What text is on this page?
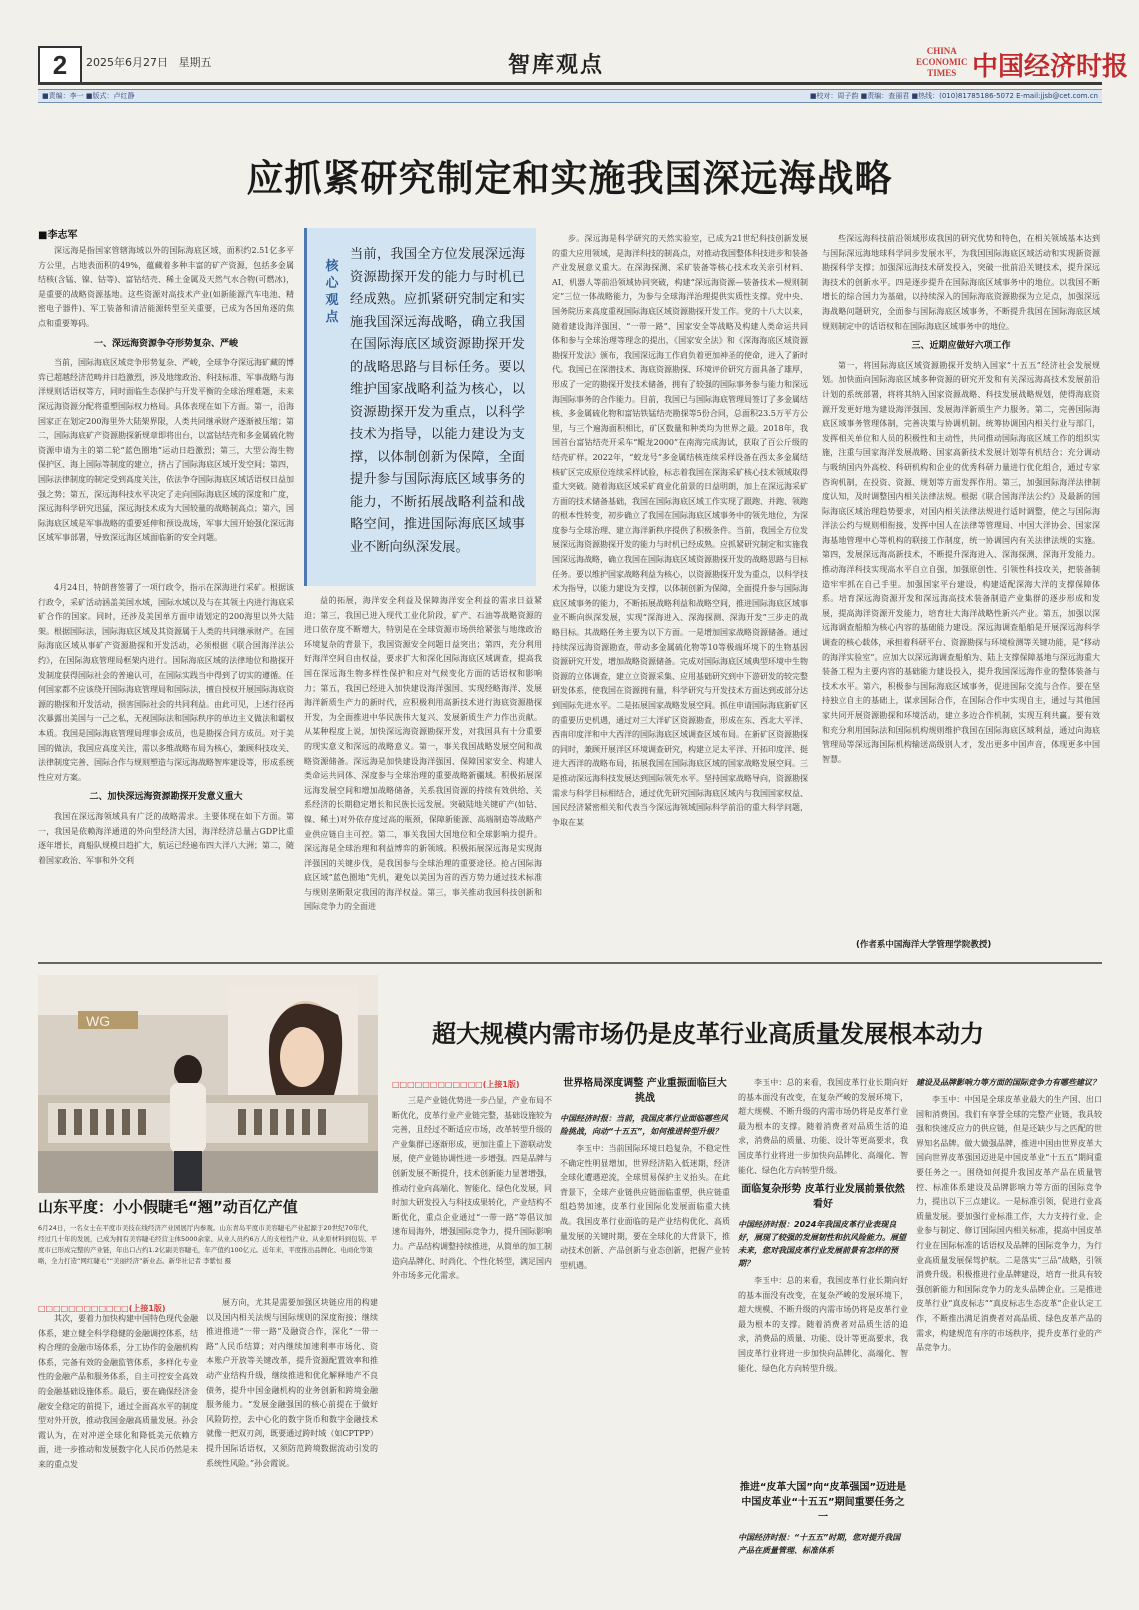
2	2025年6月27日 星期五	智库观点
CHINA
ECONOMIC
TIMES 中国经济时报
■责编：李一 ■版式：卢红静	■校对：周子韵 ■责编：查丽君 ■热线：(010)81785186-5072 E-mail:jjsb@cet.com.cn
应抓紧研究制定和实施我国深远海战略
■李志军

深远海是指国家管辖海域以外的国际海底区域，面积约2.51亿多平方公里，占地表面积的49%，蕴藏着多种丰富的矿产资源，包括多金属结核(含锰、镍、钴等)、富钴结壳、稀土金属及天然气水合物(可燃冰)，是重要的战略资源基地。这些资源对高技术产业(如新能源汽车电池、精密电子器件)、军工装备和清洁能源转型至关重要，已成为各国角逐的焦点和重要筹码。

一、深远海资源争夺形势复杂、严峻

当前，国际海底区域竞争形势复杂、严峻，全球争夺深远海矿藏的博弈已超越经济范畴并日趋激烈，涉及地缘政治、科技标准、军事战略与海洋规则话语权等方，同时面临生态保护与开发平衡的全球治理难题，未来深远海资源分配将重塑国际权力格局。具体表现在如下方面。第一，沿海国家正在划定200海里外大陆架界限，人类共同继承财产逐渐被压缩；第二，国际海底矿产资源勘探新规章即将出台，以富钴结壳和多金属硫化物资源申请为主的第二轮“蓝色圈地”运动日趋激烈；第三，大型公海生物保护区、海上国际等制度的建立，挤占了国际海底区域开发空间；第四，国际法律制度的制定受到高度关注，依法争夺国际海底区域话语权日益加强之势；第五，深远海科技水平决定了走向国际海底区域的深度和广度，深远海科学研究迅猛，深远海技术成为大国较量的战略制高点；第六，国际海底区域是军事战略的重要延伸和预设战场，军事大国开始强化深远海区域军事部署，导致深远海区域面临新的安全问题。

4月24日，特朗普签署了一项行政令，指示在深海进行采矿。根据该行政令，采矿活动涵盖美国水域，国际水域以及与在其领土内进行海底采矿合作的国家。同时，还涉及美国单方面申请划定的200海里以外大陆架。根据国际法，国际海底区域及其资源属于人类的共同继承财产。在国际海底区域从事矿产资源勘探和开发活动，必须根据《联合国海洋法公约》，在国际海底管理局框架内进行。国际海底区域的法律地位和勘探开发制度获得国际社会的普遍认可，在国际实践当中得到了切实的遵循。任何国家都不应该绕开国际海底管理局和国际法，擅自授权开展国际海底资源的勘探和开发活动，损害国际社会的共同利益。由此可见，上述行径再次暴露出美国与一己之私，无视国际法和国际秩序的单边主义做法和霸权本质。我国是国际海底管理局理事会成员，也是勘探合同方成员。对于美国的做法，我国应高度关注，需以多维战略布局为核心，兼顾科技攻关、法律制度完善、国际合作与规则塑造与深远海战略智库建设等，形成系统性应对方案。

二、加快深远海资源勘探开发意义重大

我国在深远海领域具有广泛的战略需求。主要体现在如下方面。第一，我国是依赖海洋通道的外向型经济大国，海洋经济总量占GDP比重逐年增长，商船队规模日趋扩大，航运已经遍布四大洋八大洲；第二，随着国家政治、军事和外交利

核心观点
当前，我国全方位发展深远海资源勘探开发的能力与时机已经成熟。应抓紧研究制定和实施我国深远海战略，确立我国在国际海底区域资源勘探开发的战略思路与目标任务。要以维护国家战略利益为核心，以资源勘探开发为重点，以科学技术为指导，以能力建设为支撑，以体制创新为保障，全面提升参与国际海底区域事务的能力，不断拓展战略利益和战略空间，推进国际海底区域事业不断向纵深发展。

益的拓展，海洋安全利益及保障海洋安全利益的需求日益紧迫；第三，我国已进入现代工业化阶段，矿产、石油等战略资源的进口依存度不断增大，特别是在全球资源市场供给紧张与地缘政治环境复杂的背景下，我国资源安全问题日益突出；第四，充分利用好海洋空间自由权益，要求扩大和深化国际海底区域调查，提高我国在深远海生物多样性保护和应对气候变化方面的话语权和影响力；第五，我国已经进入加快建设海洋强国、实现经略海洋、发展海洋新质生产力的新时代，应积极利用高新技术进行海底资源勘探开发，为全面推进中华民族伟大复兴、发展新质生产力作出贡献。从某种程度上说，加快深远海资源勘探开发，对我国具有十分重要的现实意义和深远的战略意义。第一，事关我国战略发展空间和战略资源储备。深远海是加快建设海洋强国、保障国家安全、构建人类命运共同体、深度参与全球治理的重要战略新疆域。积极拓展深远海发展空间和增加战略储备，关系我国资源的持续有效供给、关系经济的长期稳定增长和民族长远发展。突破陆地关键矿产(如钴、镍、稀土)对外依存度过高的瓶颈，保障新能源、高端制造等战略产业供应链自主可控。第二，事关我国大国地位和全球影响力提升。深远海是全球治理和利益博弈的新领域。积极拓展深远海是实现海洋强国的关键步伐，是我国参与全球治理的重要途径。抢占国际海底区域“蓝色圈地”先机，避免以美国为首的西方势力通过技术标准与规则垄断限定我国的海洋权益。第三，事关推动我国科技创新和国际竞争力的全面进

步。深远海是科学研究的天然实验室，已成为21世纪科技创新发展的重大应用领域，是海洋科技的制高点，对推动我国整体科技进步和装备产业发展意义重大。在深海探测、采矿装备等核心技术攻关亲引材料、AI、机器人等前沿领域协同突破，构建“深远海资源—装备技术—规则制定”三位一体战略能力，为参与全球海洋治理提供实质性支撑。党中央、国务院历来高度重视国际海底区域资源勘探开发工作。党的十八大以来，随着建设海洋强国、“一带一路”、国家安全等战略及构建人类命运共同体和参与全球治理等理念的提出，《国家安全法》和《深海海底区域资源勘探开发法》颁布，我国深远海工作肩负着更加神圣的使命，进入了新时代。我国已在深潜技术、海底资源勘探、环境评价研究方面具备了雄厚，形成了一定的勘探开发技术储备，拥有了较强的国际事务参与能力和深远海国际事务的合作能力。目前，我国已与国际海底管理局签订了多金属结核、多金属硫化物和富钴铁锰结壳勘探等5份合同，总面积23.5万平方公里，与三个遍海面积相比，矿区数量和种类均为世界之最。2018年，我国首台富钴结壳开采车“鲲龙2000”在南海完成海试，获取了百公斤级的结壳矿样。2022年，“蛟龙号”多金属结核连续采样设备在西太多金属结核矿区完成原位连续采样试验，标志着我国在深海采矿核心技术领域取得重大突破。随着海底区域采矿商业化前景的日益明朗，加上在深远海采矿方面的技术储备基础，我国在国际海底区域工作实现了跟跑、并跑、领跑的根本性转变，初步确立了我国在国际海底区域事务中的领先地位，为深度参与全球治理、建立海洋新秩序提供了积极条件。当前，我国全方位发展深远海资源勘探开发的能力与时机已经成熟。应抓紧研究制定和实施我国深远海战略，确立我国在国际海底区域资源勘探开发的战略思路与目标任务。要以维护国家战略利益为核心，以资源勘探开发为重点，以科学技术为指导，以能力建设为支撑，以体制创新为保障，全面提升参与国际海底区域事务的能力，不断拓展战略利益和战略空间，推进国际海底区域事业不断向纵深发展，实现“深海进入、深海探测、深海开发”三步走的战略目标。其战略任务主要为以下方面。一是增加国家战略资源储备。通过持续深远海资源勘查，带动多金属硫化物等10等极端环境下的生物基因资源研究开发，增加战略资源储备。完成对国际海底区域典型环境中生物资源的立体调查，建立立资源采集、应用基础研究到中下游研发的较完整研发体系，使我国在资源拥有量，科学研究与开发技术方面达到或部分达到国际先进水平。二是拓展国家战略发展空间。抓住申请国际海底新矿区的重要历史机遇，通过对三大洋矿区资源勘查，形成在东、西北大平洋、西南印度洋和中大西洋的国际海底区域调查区域布局。在新矿区资源勘探的同时，兼顾开展洋区环境调查研究，构建立足太平洋、开拓印度洋、挺进大西洋的战略布局，拓展我国在国际海底区域的国家战略发展空间。三是推动深远海科技发展达到国际领先水平。坚持国家战略导向，资源勘探需求与科学目标相结合，通过优先研究国际海底区域内与我国国家权益、国民经济紧密相关和代表当今深远海领域国际科学前沿的重大科学问题，争取在某

些深远海科技前沿领域形成我国的研究优势和特色，在相关领域基本达到与国际深远海地球科学同步发展水平，为我国国际海底区域活动和实现新资源勘探科学支撑；加强深远海技术研发投入，突破一批前沿关键技术，提升深远海技术的创新水平。四是逐步提升在国际海底区域事务中的地位。以我国不断增长的综合国力为基础，以持续深入的国际海底资源勘探为立足点，加强深远海战略问题研究，全面参与国际海底区域事务，不断提升我国在国际海底区域规则制定中的话语权和在国际海底区域事务中的地位。

三、近期应做好六项工作

第一，将国际海底区域资源勘探开发纳入国家“十五五”经济社会发展规划。加快面向国际海底区域多种资源的研究开发和有关深远海高技术发展前沿计划的系统部署，将将其纳入国家资源战略、科技发展战略规划，使得海底资源开发更好地为建设海洋强国、发展海洋新质生产力服务。第二，完善国际海底区域事务管理体制，完善决策与协调机制。统筹协调国内相关行业与部门，发挥相关单位和人员的积极性和主动性，共同推动国际海底区域工作的组织实施，注重与国家海洋发展战略、国家高新技术发展计划等有机结合；充分调动与吸纳国内外高校、科研机构和企业的优秀科研力量进行优化组合，通过专家咨询机制，在投资、资源、规划等方面发挥作用。第三，加强国际海洋法律制度认知，及时调整国内相关法律法规。根据《联合国海洋法公约》及最新的国际海底区域治理趋势要求，对国内相关法律法规进行适时调整，使之与国际海洋法公约与规则相衔接，发挥中国人在法律等管理局、中国大洋协会、国家深海基地管理中心等机构的联接工作制度，统一协调国内有关法律法规的实施。第四，发展深远海高新技术，不断提升深海进入、深海探测、深海开发能力。推动海洋科技实现高水平自立自强，加强原创性、引领性科技攻关，把装备制造牢牢抓在自己手里。加强国家平台建设，构建适配深海大洋的支撑保障体系。培育深远海资源开发和深远海高技术装备制造产业集群的逐步形成和发展，提高海洋资源开发能力，培育壮大海洋战略性新兴产业。第五，加强以深远海调查船舶为核心内容的基础能力建设。深远海调查船舶是开展深远海科学调查的核心载体，承担着科研平台、资源勘探与环境检测等关键功能，是“移动的海洋实验室”。应加大以深远海调查船舶为、陆上支撑保障基地与深远海重大装备工程为主要内容的基础能力建设投入，提升我国深远海作业的整体装备与技术水平。第六，积极参与国际海底区域事务，促进国际交流与合作。要在坚持独立自主的基础上，谋求国际合作，在国际合作中实现自主，通过与其他国家共同开展资源勘探和环境活动，建立多边合作机制，实现互利共赢。要有效和充分利用国际法和国际机构规则维护我国在国际海底区域利益，通过向海底管理局等深远海国际机构输送高级别人才，发出更多中国声音，体现更多中国智慧。

(作者系中国海洋大学管理学院教授)
WG
山东平度：小小假睫毛“翘”动百亿产值
6月24日，一名女士在平度市美技在线经济产业园展厅内参观。山东青岛平度市美容睫毛产业起源于20世纪70年代，经过几十年的发展，已成为拥有美容睫毛经营主体5000余家、从业人员约6万人的支柱性产业。从业原材料到包装、平度市已形成完整的产业链，年出口占约1.2亿副美容睫毛，年产值约100亿元。近年来，平度推出品牌化、电商化等策略，全力打造“网红睫毛”“美丽经济”新业态。新华社记者 李紫恒 摄
□□□□□□□□□□□□(上接1版)

其次，要着力加快构建中国特色现代金融体系，建立健全科学稳健的金融调控体系，结构合理的金融市场体系，分工协作的金融机构体系，完备有效的金融监管体系，多样化专业性的金融产品和服务体系，自主可控安全高效的金融基础设施体系。最后，要在确保经济金融安全稳定的前提下，通过全面高水平的制度型对外开放，推动我国金融高质量发展。孙会霞认为，在对冲逆全球化和降低美元依赖方面，进一步推动和发展数字化人民币仍然是未来的重点发

展方向，尤其是需要加强区块链应用的构建以及国内相关法规与国际规则的深度衔接；继续推进推进“一带一路”及融资合作，深化“一带一路”人民币结算；对内继续加速利率市场化、资本账户开放等关键改革，提升资源配置效率和推动产业结构升级，继续推进和优化解释地产不良债务，提升中国金融机构的业务创新和跨境金融服务能力。“发展金融强国的核心前提在于做好风险防控，去中心化的数字货币和数字金融技术就像一把双刃剑，既要通过跨时域（如CPTPP）提升国际话语权，又须防范跨境数据流动引发的系统性风险。”孙会霞说。

超大规模内需市场仍是皮革行业高质量发展根本动力
□□□□□□□□□□□□(上接1版)

三是产业链优势进一步凸显，产业布局不断优化，皮革行业产业链完整，基础设施较为完善，且经过不断适应市场，改革转型升级的产业集群已逐渐形成，更加注重上下游联动发展，使产业链协调性进一步增强。四是品牌与创新发展不断提升，技术创新能力显著增强，推动行业向高端化、智能化、绿色化发展，同时加大研发投入与科技成果转化，产业结构不断优化，重点企业通过“一带一路”等倡议加速布局海外，增强国际竞争力，提升国际影响力。产品结构调整持续推进，从简单的加工制造向品牌化、时尚化、个性化转型，满足国内外市场多元化需求。

世界格局深度调整 产业重振面临巨大挑战
中国经济时报：当前，我国皮革行业面临哪些风险挑战，向动“十五五”，如何推进转型升级？

李玉中：当前国际环境日趋复杂，不稳定性不确定性明显增加，世界经济陷入低迷期，经济全球化遭遇逆流，全球贸易保护主义抬头。在此背景下，全球产业链供应链面临重塑，供应链重组趋势加速，皮革行业国际化发展面临重大挑战。我国皮革行业面临的是产业结构优化、高质量发展的关键时期，要在全球化的大背景下，推动技术创新、产品创新与业态创新，把握产业转型机遇。

李玉中：总的来看，我国皮革行业长期向好的基本面没有改变，在复杂严峻的发展环境下，超大规模、不断升级的内需市场仍将是皮革行业最为根本的支撑。随着消费者对品质生活的追求，消费品的质量、功能、设计等更高要求，我国皮革行业将进一步加快向品牌化、高端化、智能化、绿色化方向转型升级。

面临复杂形势 皮革行业发展前景依然看好
中国经济时报：2024年我国皮革行业表现良好，展现了较强的发展韧性和抗风险能力。展望未来，您对我国皮革行业发展前景有怎样的预期？

李玉中：总的来看，我国皮革行业长期向好的基本面没有改变，在复杂严峻的发展环境下，超大规模、不断升级的内需市场仍将是皮革行业最为根本的支撑。随着消费者对品质生活的追求，消费品的质量、功能、设计等更高要求，我国皮革行业将进一步加快向品牌化、高端化、智能化、绿色化方向转型升级。

推进“皮革大国”向“皮革强国”迈进是中国皮革业“十五五”期间重要任务之一
中国经济时报：“十五五”时期，您对提升我国产品在质量管理、标准体系
建设及品牌影响力等方面的国际竞争力有哪些建议？

李玉中：中国是全球皮革业最大的生产国、出口国和消费国。我们有享誉全球的完整产业链，我具较强和快速反应力的供应链，但是还缺少与之匹配的世界知名品牌。做大做强品牌，推进中国由世界皮革大国向世界皮革强国迈进是中国皮革业“十五五”期间重要任务之一。围绕如何提升我国皮革产品在质量管控、标准体系建设及品牌影响力等方面的国际竞争力，提出以下三点建议。一是标准引领，促进行业高质量发展。要加强行业标准工作，大力支持行业、企业参与制定、修订国际国内相关标准，提高中国皮革行业在国际标准的话语权及品牌的国际竞争力，为行业高质量发展保驾护航。二是落实“三品”战略，引领消费升级。积极推进行业品牌建设，培育一批具有较强创新能力和国际竞争力的龙头品牌企业。三是推进皮革行业“真皮标志”“真皮标志生态皮革”企业认定工作，不断推出满足消费者对高品质、绿色皮革产品的需求，构建规范有序的市场秩序，提升皮革行业的产品竞争力。
